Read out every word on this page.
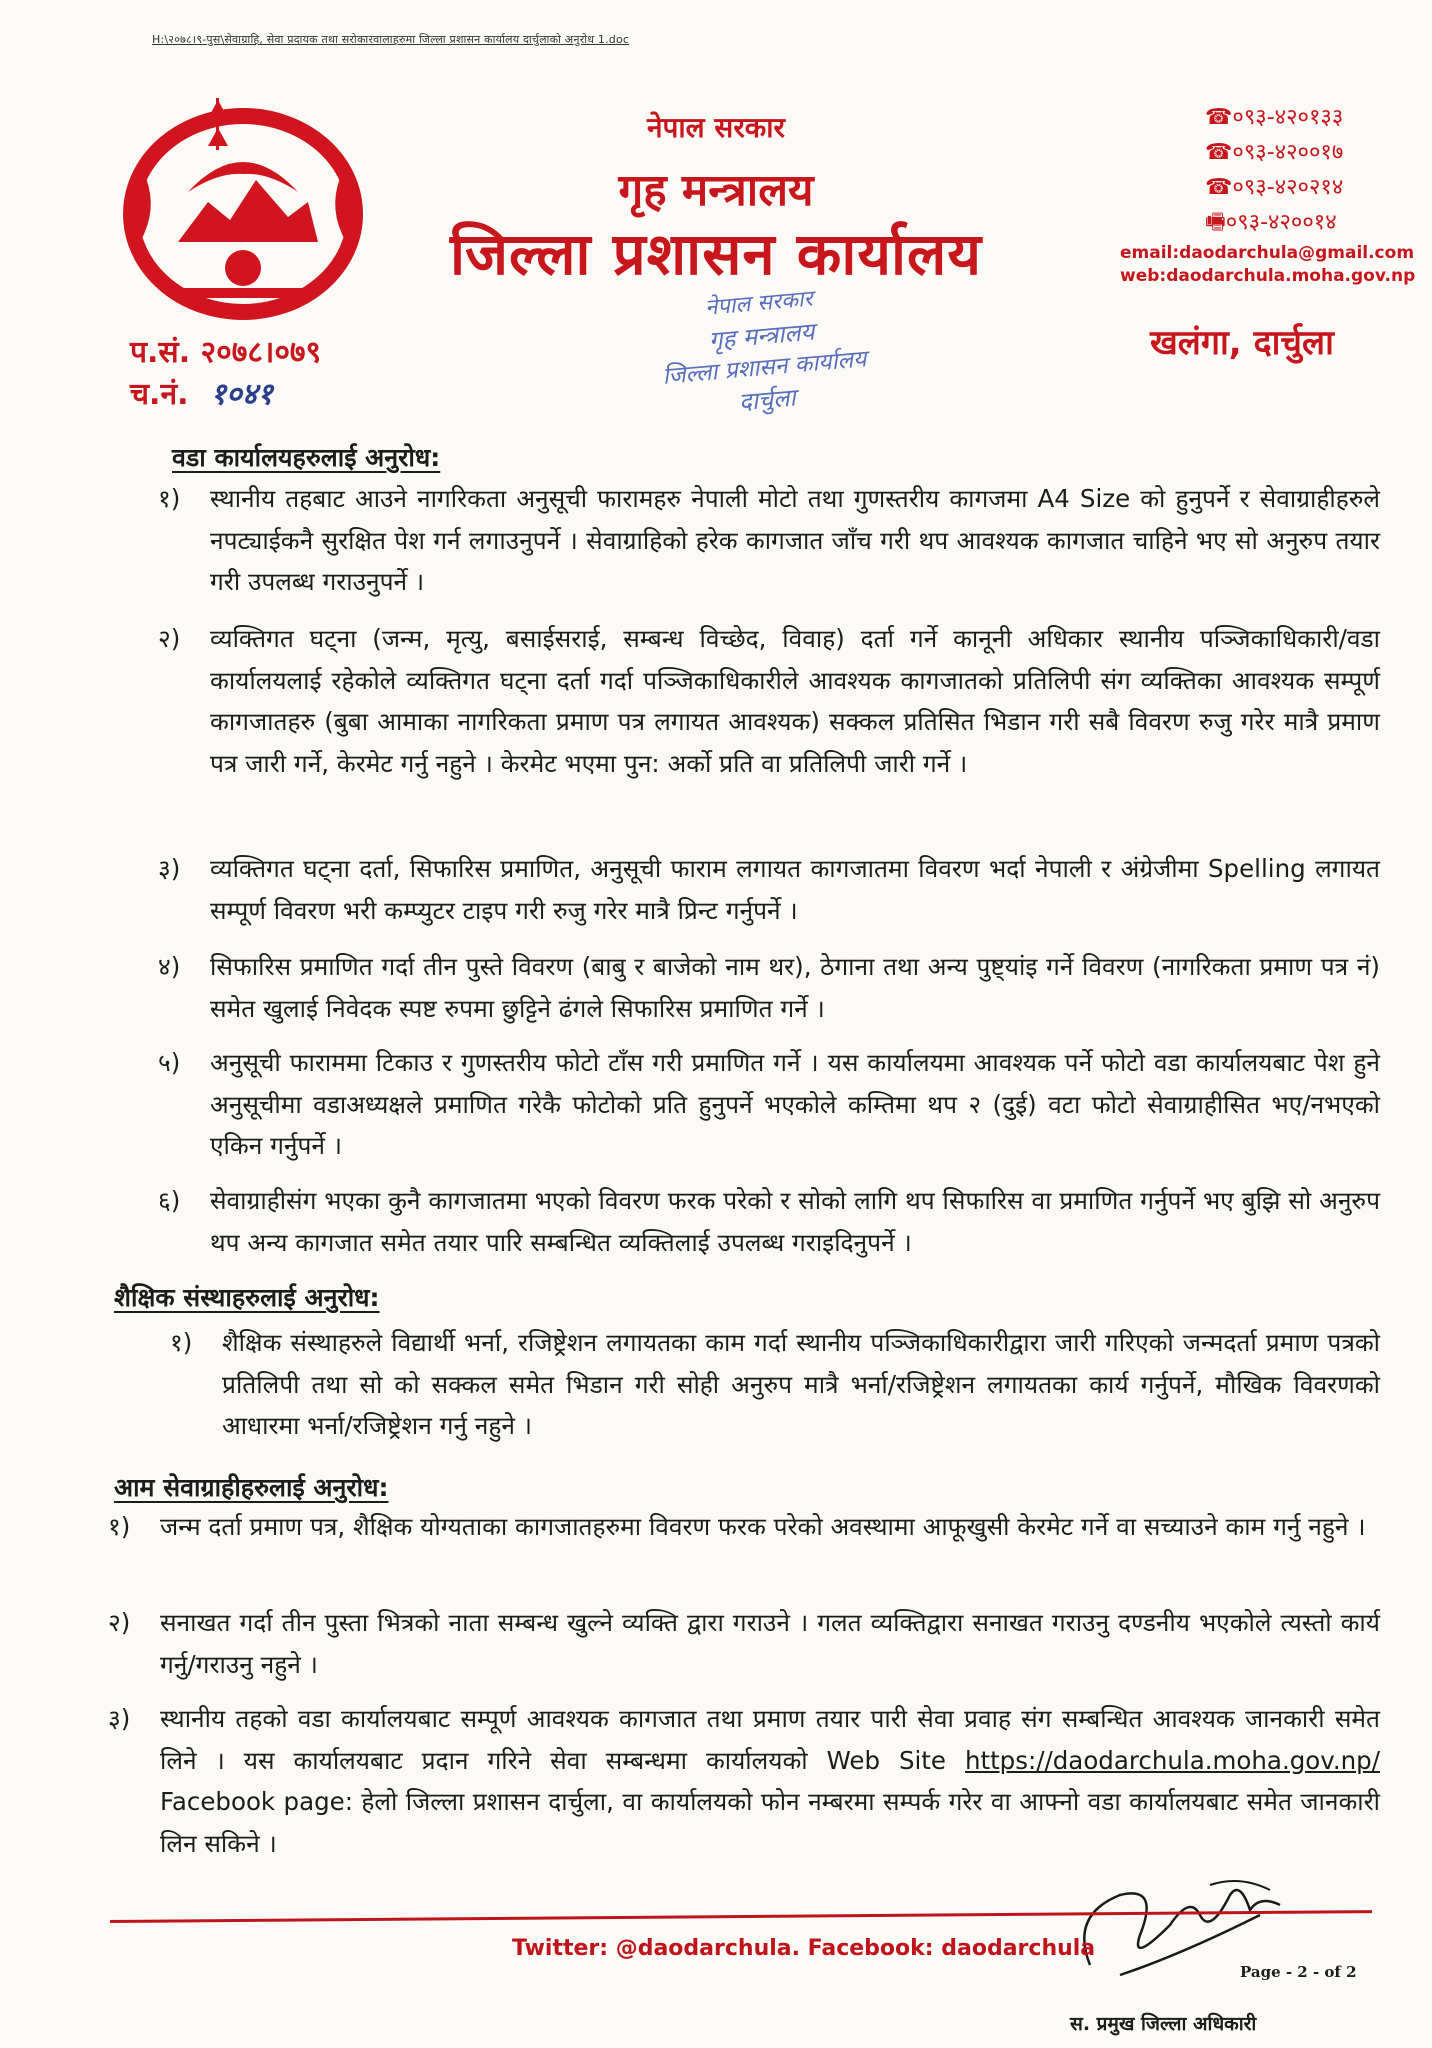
H:\२०७८।९-पुस\सेवाग्राहि, सेवा प्रदायक तथा सरोकारवालाहरुमा जिल्ला प्रशासन कार्यालय दार्चुलाको अनुरोध 1.doc
नेपाल सरकार
गृह मन्त्रालय
जिल्ला प्रशासन कार्यालय
☎०९३-४२०१३३
☎०९३-४२००१७
☎०९३-४२०२१४
🖷०९३-४२००१४
email:daodarchula@gmail.com
web:daodarchula.moha.gov.np
खलंगा, दार्चुला
प.सं. २०७८।०७९
च.नं. १०४१
नेपाल सरकार
गृह मन्त्रालय
जिल्ला प्रशासन कार्यालय
दार्चुला
वडा कार्यालयहरुलाई अनुरोध:
१) स्थानीय तहबाट आउने नागरिकता अनुसूची फारामहरु नेपाली मोटो तथा गुणस्तरीय कागजमा A4 Size को हुनुपर्ने र सेवाग्राहीहरुले नपट्याईकनै सुरक्षित पेश गर्न लगाउनुपर्ने । सेवाग्राहिको हरेक कागजात जाँच गरी थप आवश्यक कागजात चाहिने भए सो अनुरुप तयार गरी उपलब्ध गराउनुपर्ने ।
२) व्यक्तिगत घट्ना (जन्म, मृत्यु, बसाईसराई, सम्बन्ध विच्छेद, विवाह) दर्ता गर्ने कानूनी अधिकार स्थानीय पञ्जिकाधिकारी/वडा कार्यालयलाई रहेकोले व्यक्तिगत घट्ना दर्ता गर्दा पञ्जिकाधिकारीले आवश्यक कागजातको प्रतिलिपी संग व्यक्तिका आवश्यक सम्पूर्ण कागजातहरु (बुबा आमाका नागरिकता प्रमाण पत्र लगायत आवश्यक) सक्कल प्रतिसित भिडान गरी सबै विवरण रुजु गरेर मात्रै प्रमाण पत्र जारी गर्ने, केरमेट गर्नु नहुने । केरमेट भएमा पुन: अर्को प्रति वा प्रतिलिपी जारी गर्ने ।
३) व्यक्तिगत घट्ना दर्ता, सिफारिस प्रमाणित, अनुसूची फाराम लगायत कागजातमा विवरण भर्दा नेपाली र अंग्रेजीमा Spelling लगायत सम्पूर्ण विवरण भरी कम्प्युटर टाइप गरी रुजु गरेर मात्रै प्रिन्ट गर्नुपर्ने ।
४) सिफारिस प्रमाणित गर्दा तीन पुस्ते विवरण (बाबु र बाजेको नाम थर), ठेगाना तथा अन्य पुष्ट्यांइ गर्ने विवरण (नागरिकता प्रमाण पत्र नं) समेत खुलाई निवेदक स्पष्ट रुपमा छुट्टिने ढंगले सिफारिस प्रमाणित गर्ने ।
५) अनुसूची फाराममा टिकाउ र गुणस्तरीय फोटो टाँस गरी प्रमाणित गर्ने । यस कार्यालयमा आवश्यक पर्ने फोटो वडा कार्यालयबाट पेश हुने अनुसूचीमा वडाअध्यक्षले प्रमाणित गरेकै फोटोको प्रति हुनुपर्ने भएकोले कम्तिमा थप २ (दुई) वटा फोटो सेवाग्राहीसित भए/नभएको एकिन गर्नुपर्ने ।
६) सेवाग्राहीसंग भएका कुनै कागजातमा भएको विवरण फरक परेको र सोको लागि थप सिफारिस वा प्रमाणित गर्नुपर्ने भए बुझि सो अनुरुप थप अन्य कागजात समेत तयार पारि सम्बन्धित व्यक्तिलाई उपलब्ध गराइदिनुपर्ने ।
शैक्षिक संस्थाहरुलाई अनुरोध:
१) शैक्षिक संस्थाहरुले विद्यार्थी भर्ना, रजिष्ट्रेशन लगायतका काम गर्दा स्थानीय पञ्जिकाधिकारीद्वारा जारी गरिएको जन्मदर्ता प्रमाण पत्रको प्रतिलिपी तथा सो को सक्कल समेत भिडान गरी सोही अनुरुप मात्रै भर्ना/रजिष्ट्रेशन लगायतका कार्य गर्नुपर्ने, मौखिक विवरणको आधारमा भर्ना/रजिष्ट्रेशन गर्नु नहुने ।
आम सेवाग्राहीहरुलाई अनुरोध:
१) जन्म दर्ता प्रमाण पत्र, शैक्षिक योग्यताका कागजातहरुमा विवरण फरक परेको अवस्थामा आफूखुसी केरमेट गर्ने वा सच्याउने काम गर्नु नहुने ।
२) सनाखत गर्दा तीन पुस्ता भित्रको नाता सम्बन्ध खुल्ने व्यक्ति द्वारा गराउने । गलत व्यक्तिद्वारा सनाखत गराउनु दण्डनीय भएकोले त्यस्तो कार्य गर्नु/गराउनु नहुने ।
३) स्थानीय तहको वडा कार्यालयबाट सम्पूर्ण आवश्यक कागजात तथा प्रमाण तयार पारी सेवा प्रवाह संग सम्बन्धित आवश्यक जानकारी समेत लिने । यस कार्यालयबाट प्रदान गरिने सेवा सम्बन्धमा कार्यालयको Web Site https://daodarchula.moha.gov.np/ Facebook page: हेलो जिल्ला प्रशासन दार्चुला, वा कार्यालयको फोन नम्बरमा सम्पर्क गरेर वा आफ्नो वडा कार्यालयबाट समेत जानकारी लिन सकिने ।
Twitter: @daodarchula. Facebook: daodarchula
Page - 2 - of 2
स. प्रमुख जिल्ला अधिकारी
